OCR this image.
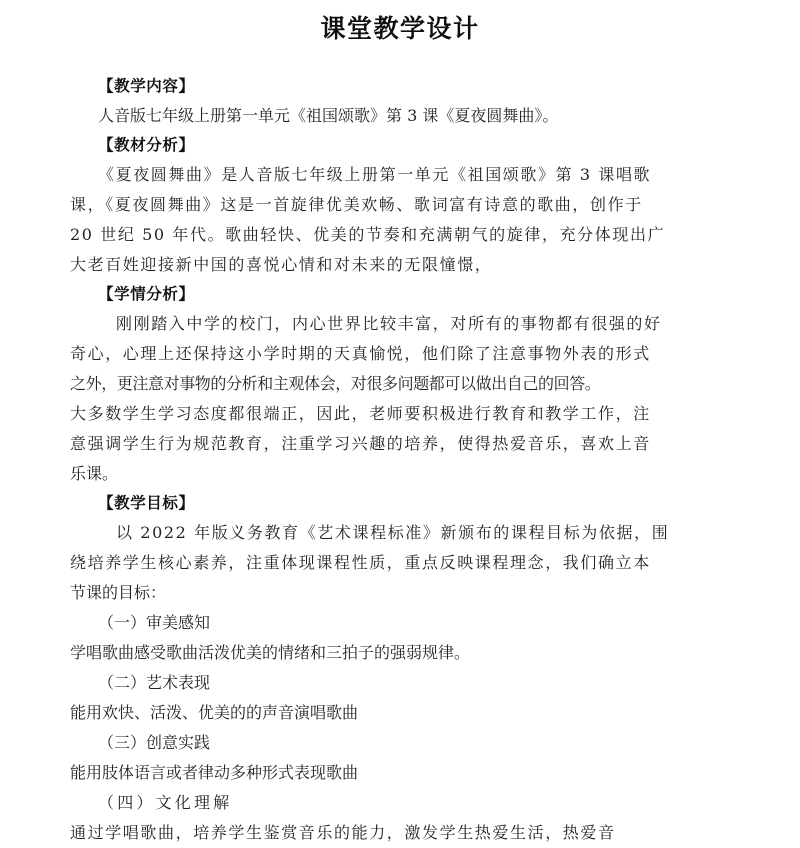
课堂教学设计

【教学内容】

人音版七年级上册第一单元《祖国颂歌》第 3 课《夏夜圆舞曲》。

【教材分析】

《夏夜圆舞曲》是人音版七年级上册第一单元《祖国颂歌》第 3 课唱歌

课，《夏夜圆舞曲》这是一首旋律优美欢畅、歌词富有诗意的歌曲，创作于

20 世纪 50 年代。歌曲轻快、优美的节奏和充满朝气的旋律，充分体现出广

大老百姓迎接新中国的喜悦心情和对未来的无限憧憬，

【学情分析】

刚刚踏入中学的校门，内心世界比较丰富，对所有的事物都有很强的好

奇心，心理上还保持这小学时期的天真愉悦，他们除了注意事物外表的形式

之外，更注意对事物的分析和主观体会，对很多问题都可以做出自己的回答。

大多数学生学习态度都很端正，因此，老师要积极进行教育和教学工作，注

意强调学生行为规范教育，注重学习兴趣的培养，使得热爱音乐，喜欢上音

乐课。

【教学目标】

以 2022 年版义务教育《艺术课程标准》新颁布的课程目标为依据，围

绕培养学生核心素养，注重体现课程性质，重点反映课程理念，我们确立本

节课的目标：

（一）审美感知

学唱歌曲感受歌曲活泼优美的情绪和三拍子的强弱规律。

（二）艺术表现

能用欢快、活泼、优美的的声音演唱歌曲

（三）创意实践

能用肢体语言或者律动多种形式表现歌曲

（四）文化理解

通过学唱歌曲，培养学生鉴赏音乐的能力，激发学生热爱生活，热爱音
